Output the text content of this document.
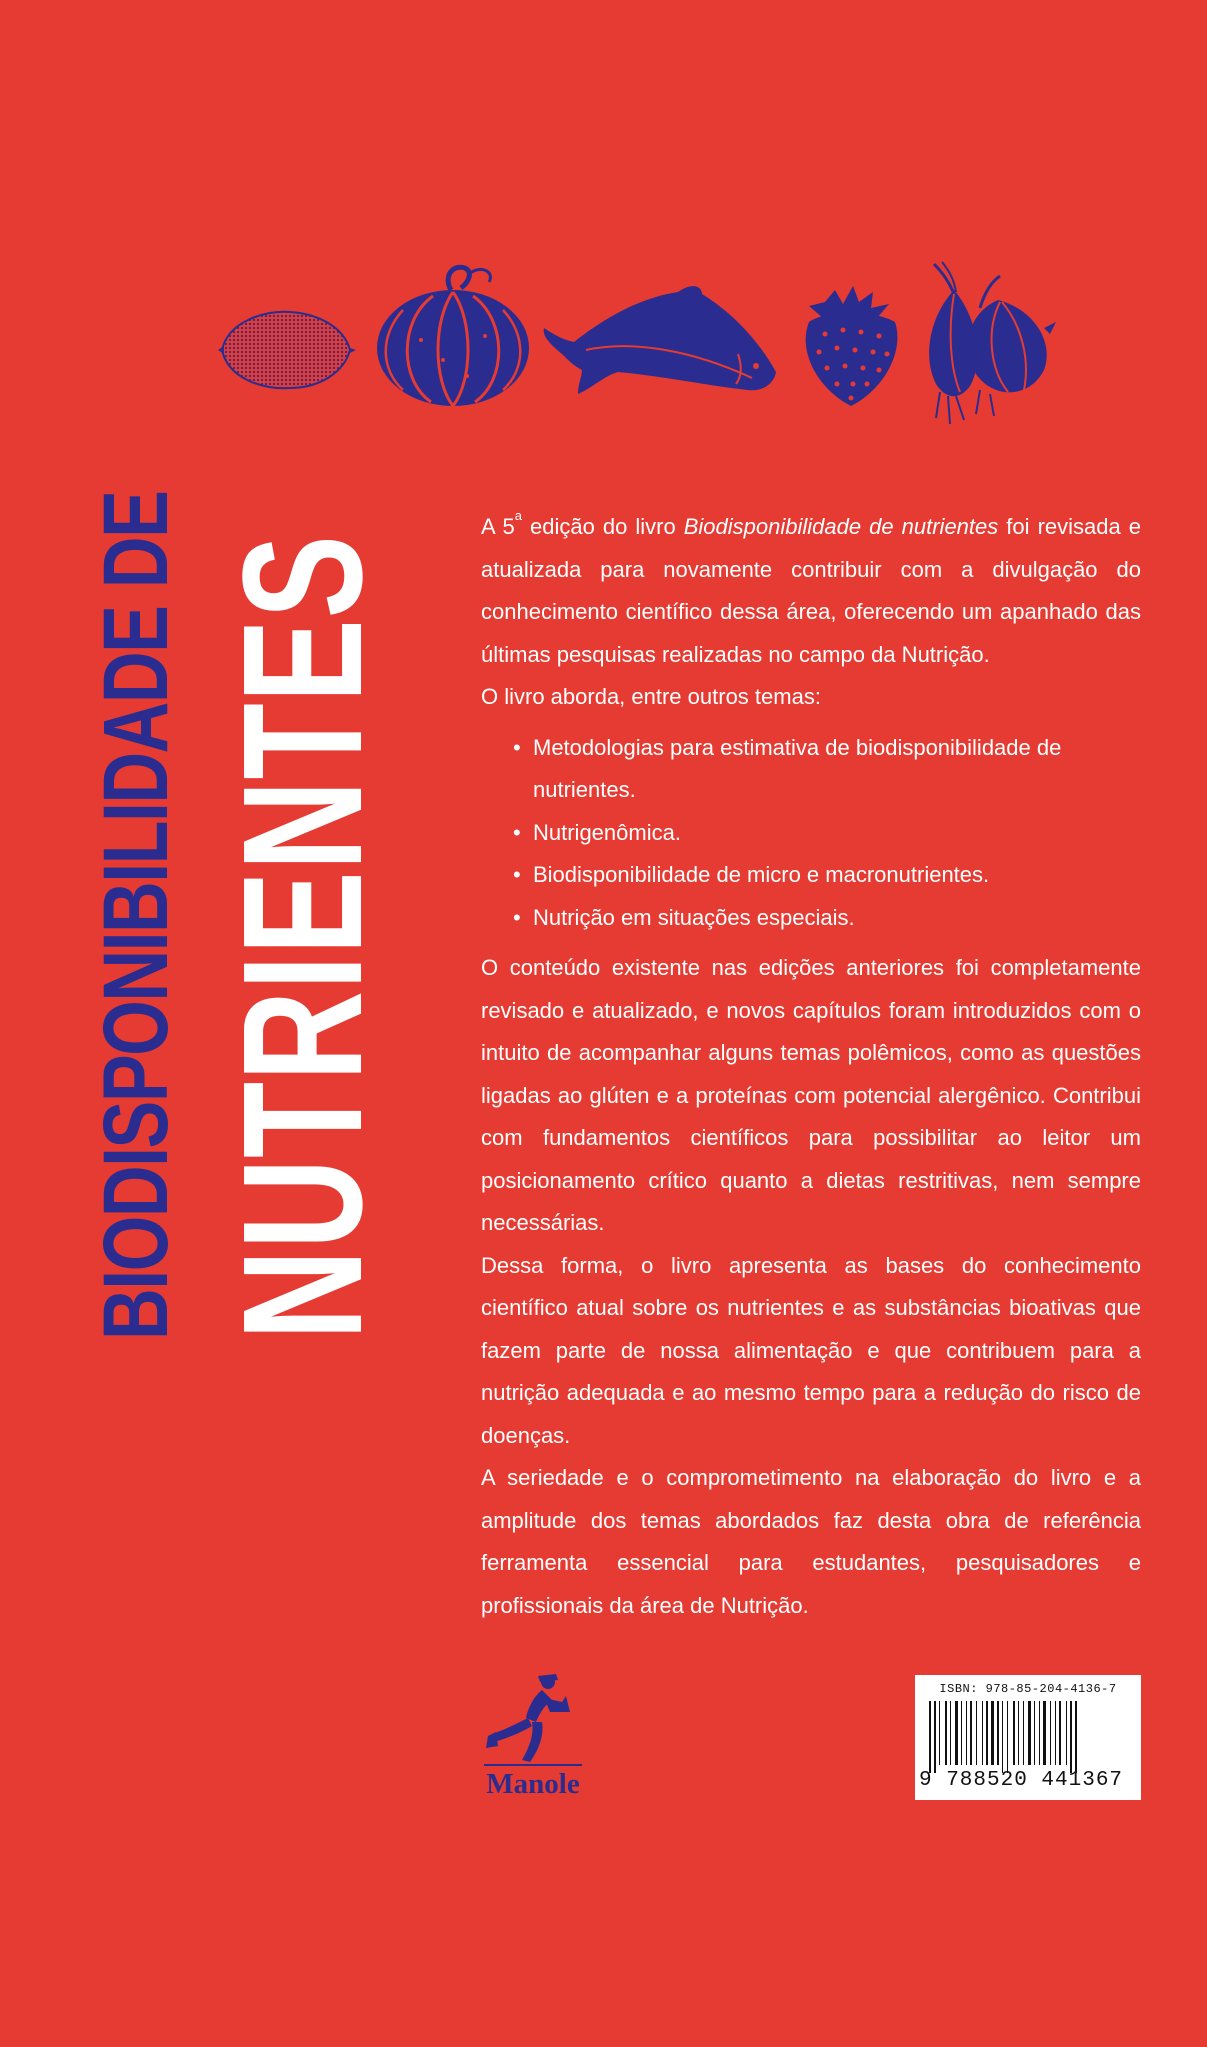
BIODISPONIBILIDADE DE NUTRIENTES

A 5$^a$ edição do livro Biodisponibilidade de nutrientes foi revisada e atualizada para novamente contribuir com a divulgação do conhecimento científico dessa área, oferecendo um apanhado das últimas pesquisas realizadas no campo da Nutrição.

O livro aborda, entre outros temas:

• Metodologias para estimativa de biodisponibilidade de nutrientes.
• Nutrigenômica.
• Biodisponibilidade de micro e macronutrientes.
• Nutrição em situações especiais.

O conteúdo existente nas edições anteriores foi completamente revisado e atualizado, e novos capítulos foram introduzidos com o intuito de acompanhar alguns temas polêmicos, como as questões ligadas ao glúten e a proteínas com potencial alergênico. Contribui com fundamentos científicos para possibilitar ao leitor um posicionamento crítico quanto a dietas restritivas, nem sempre necessárias.

Dessa forma, o livro apresenta as bases do conhecimento científico atual sobre os nutrientes e as substâncias bioativas que fazem parte de nossa alimentação e que contribuem para a nutrição adequada e ao mesmo tempo para a redução do risco de doenças.

A seriedade e o comprometimento na elaboração do livro e a amplitude dos temas abordados faz desta obra de referência ferramenta essencial para estudantes, pesquisadores e profissionais da área de Nutrição.

Manole
ISBN: 978-85-204-4136-7
9 788520 441367
